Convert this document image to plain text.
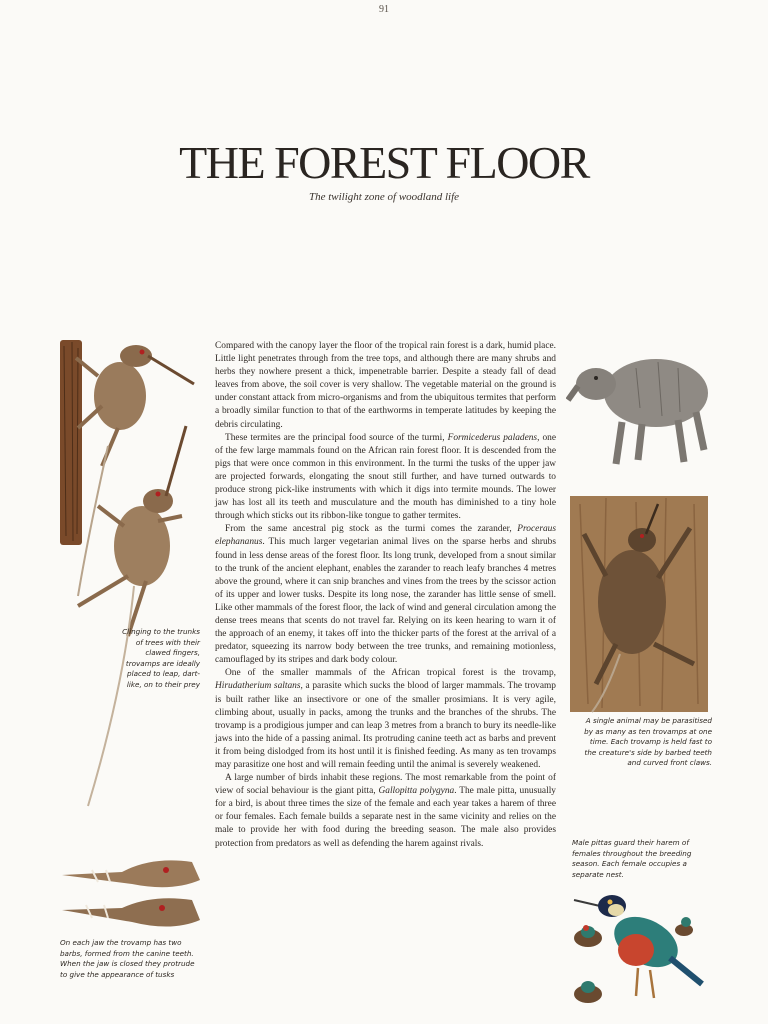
91
THE FOREST FLOOR
The twilight zone of woodland life
Clinging to the trunks of trees with their clawed fingers, trovamps are ideally placed to leap, dart-like, on to their prey
On each jaw the trovamp has two barbs, formed from the canine teeth. When the jaw is closed they protrude to give the appearance of tusks

Compared with the canopy layer the floor of the tropical rain forest is a dark, humid place. Little light penetrates through from the tree tops, and although there are many shrubs and herbs they nowhere present a thick, impenetrable barrier. Despite a steady fall of dead leaves from above, the soil cover is very shallow. The vegetable material on the ground is under constant attack from micro-organisms and from the ubiquitous termites that perform a broadly similar function to that of the earthworms in temperate latitudes by keeping the debris circulating.

These termites are the principal food source of the turmi, Formicederus paladens, one of the few large mammals found on the African rain forest floor. It is descended from the pigs that were once common in this environment. In the turmi the tusks of the upper jaw are projected forwards, elongating the snout still further, and have turned outwards to produce strong pick-like instruments with which it digs into termite mounds. The lower jaw has lost all its teeth and musculature and the mouth has diminished to a tiny hole through which sticks out its ribbon-like tongue to gather termites.

From the same ancestral pig stock as the turmi comes the zarander, Proceraus elephananus. This much larger vegetarian animal lives on the sparse herbs and shrubs found in less dense areas of the forest floor. Its long trunk, developed from a snout similar to the trunk of the ancient elephant, enables the zarander to reach leafy branches 4 metres above the ground, where it can snip branches and vines from the trees by the scissor action of its upper and lower tusks. Despite its long nose, the zarander has little sense of smell. Like other mammals of the forest floor, the lack of wind and general circulation among the dense trees means that scents do not travel far. Relying on its keen hearing to warn it of the approach of an enemy, it takes off into the thicker parts of the forest at the arrival of a predator, squeezing its narrow body between the tree trunks, and remaining motionless, camouflaged by its stripes and dark body colour.

One of the smaller mammals of the African tropical forest is the trovamp, Hirudatherium saltans, a parasite which sucks the blood of larger mammals. The trovamp is built rather like an insectivore or one of the smaller prosimians. It is very agile, climbing about, usually in packs, among the trunks and the branches of the shrubs. The trovamp is a prodigious jumper and can leap 3 metres from a branch to bury its needle-like jaws into the hide of a passing animal. Its protruding canine teeth act as barbs and prevent it from being dislodged from its host until it is finished feeding. As many as ten trovamps may parasitize one host and will remain feeding until the animal is severely weakened.

A large number of birds inhabit these regions. The most remarkable from the point of view of social behaviour is the giant pitta, Gallopitta polygyna. The male pitta, unusually for a bird, is about three times the size of the female and each year takes a harem of three or four females. Each female builds a separate nest in the same vicinity and relies on the male to provide her with food during the breeding season. The male also provides protection from predators as well as defending the harem against rivals.

A single animal may be parasitised by as many as ten trovamps at one time. Each trovamp is held fast to the creature's side by barbed teeth and curved front claws.
Male pittas guard their harem of females throughout the breeding season. Each female occupies a separate nest.
